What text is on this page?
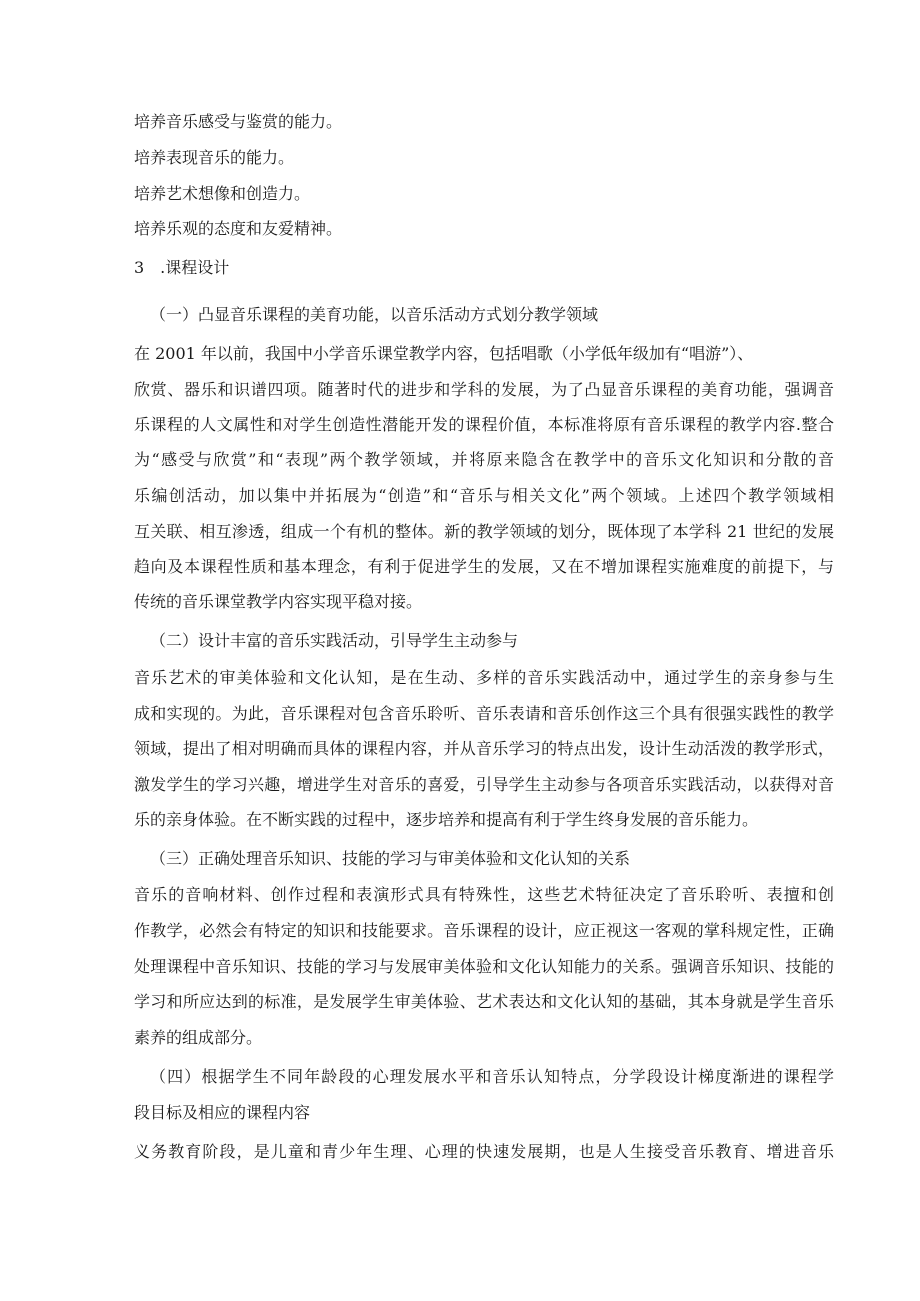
培养音乐感受与鉴赏的能力。
培养表现音乐的能力。
培养艺术想像和创造力。
培养乐观的态度和友爱精神。
3　.课程设计
（一）凸显音乐课程的美育功能，以音乐活动方式划分教学领域
在 2001 年以前，我国中小学音乐课堂教学内容，包括唱歌（小学低年级加有“唱游”）、
欣赏、器乐和识谱四项。随著时代的进步和学科的发展，为了凸显音乐课程的美育功能，强调音
乐课程的人文属性和对学生创造性潜能开发的课程价值，本标准将原有音乐课程的教学内容.整合
为“感受与欣赏”和“表现”两个教学领域，并将原来隐含在教学中的音乐文化知识和分散的音
乐编创活动，加以集中并拓展为“创造”和“音乐与相关文化”两个领域。上述四个教学领域相
互关联、相互渗透，组成一个有机的整体。新的教学领域的划分，既体现了本学科 21 世纪的发展
趋向及本课程性质和基本理念，有利于促进学生的发展，又在不增加课程实施难度的前提下，与
传统的音乐课堂教学内容实现平稳对接。
（二）设计丰富的音乐实践活动，引导学生主动参与
音乐艺术的审美体验和文化认知，是在生动、多样的音乐实践活动中，通过学生的亲身参与生
成和实现的。为此，音乐课程对包含音乐聆听、音乐表请和音乐创作这三个具有很强实践性的教学
领域，提出了相对明确而具体的课程内容，并从音乐学习的特点出发，设计生动活泼的教学形式，
激发学生的学习兴趣，增进学生对音乐的喜爱，引导学生主动参与各项音乐实践活动，以获得对音
乐的亲身体验。在不断实践的过程中，逐步培养和提高有利于学生终身发展的音乐能力。
（三）正确处理音乐知识、技能的学习与审美体验和文化认知的关系
音乐的音响材料、创作过程和表演形式具有特殊性，这些艺术特征决定了音乐聆听、表擅和创
作教学，必然会有特定的知识和技能要求。音乐课程的设计，应正视这一客观的掌科规定性，正确
处理课程中音乐知识、技能的学习与发展审美体验和文化认知能力的关系。强调音乐知识、技能的
学习和所应达到的标准，是发展学生审美体验、艺术表达和文化认知的基础，其本身就是学生音乐
素养的组成部分。
（四）根据学生不同年龄段的心理发展水平和音乐认知特点，分学段设计梯度渐进的课程学
段目标及相应的课程内容
义务教育阶段，是儿童和青少年生理、心理的快速发展期，也是人生接受音乐教育、增进音乐
